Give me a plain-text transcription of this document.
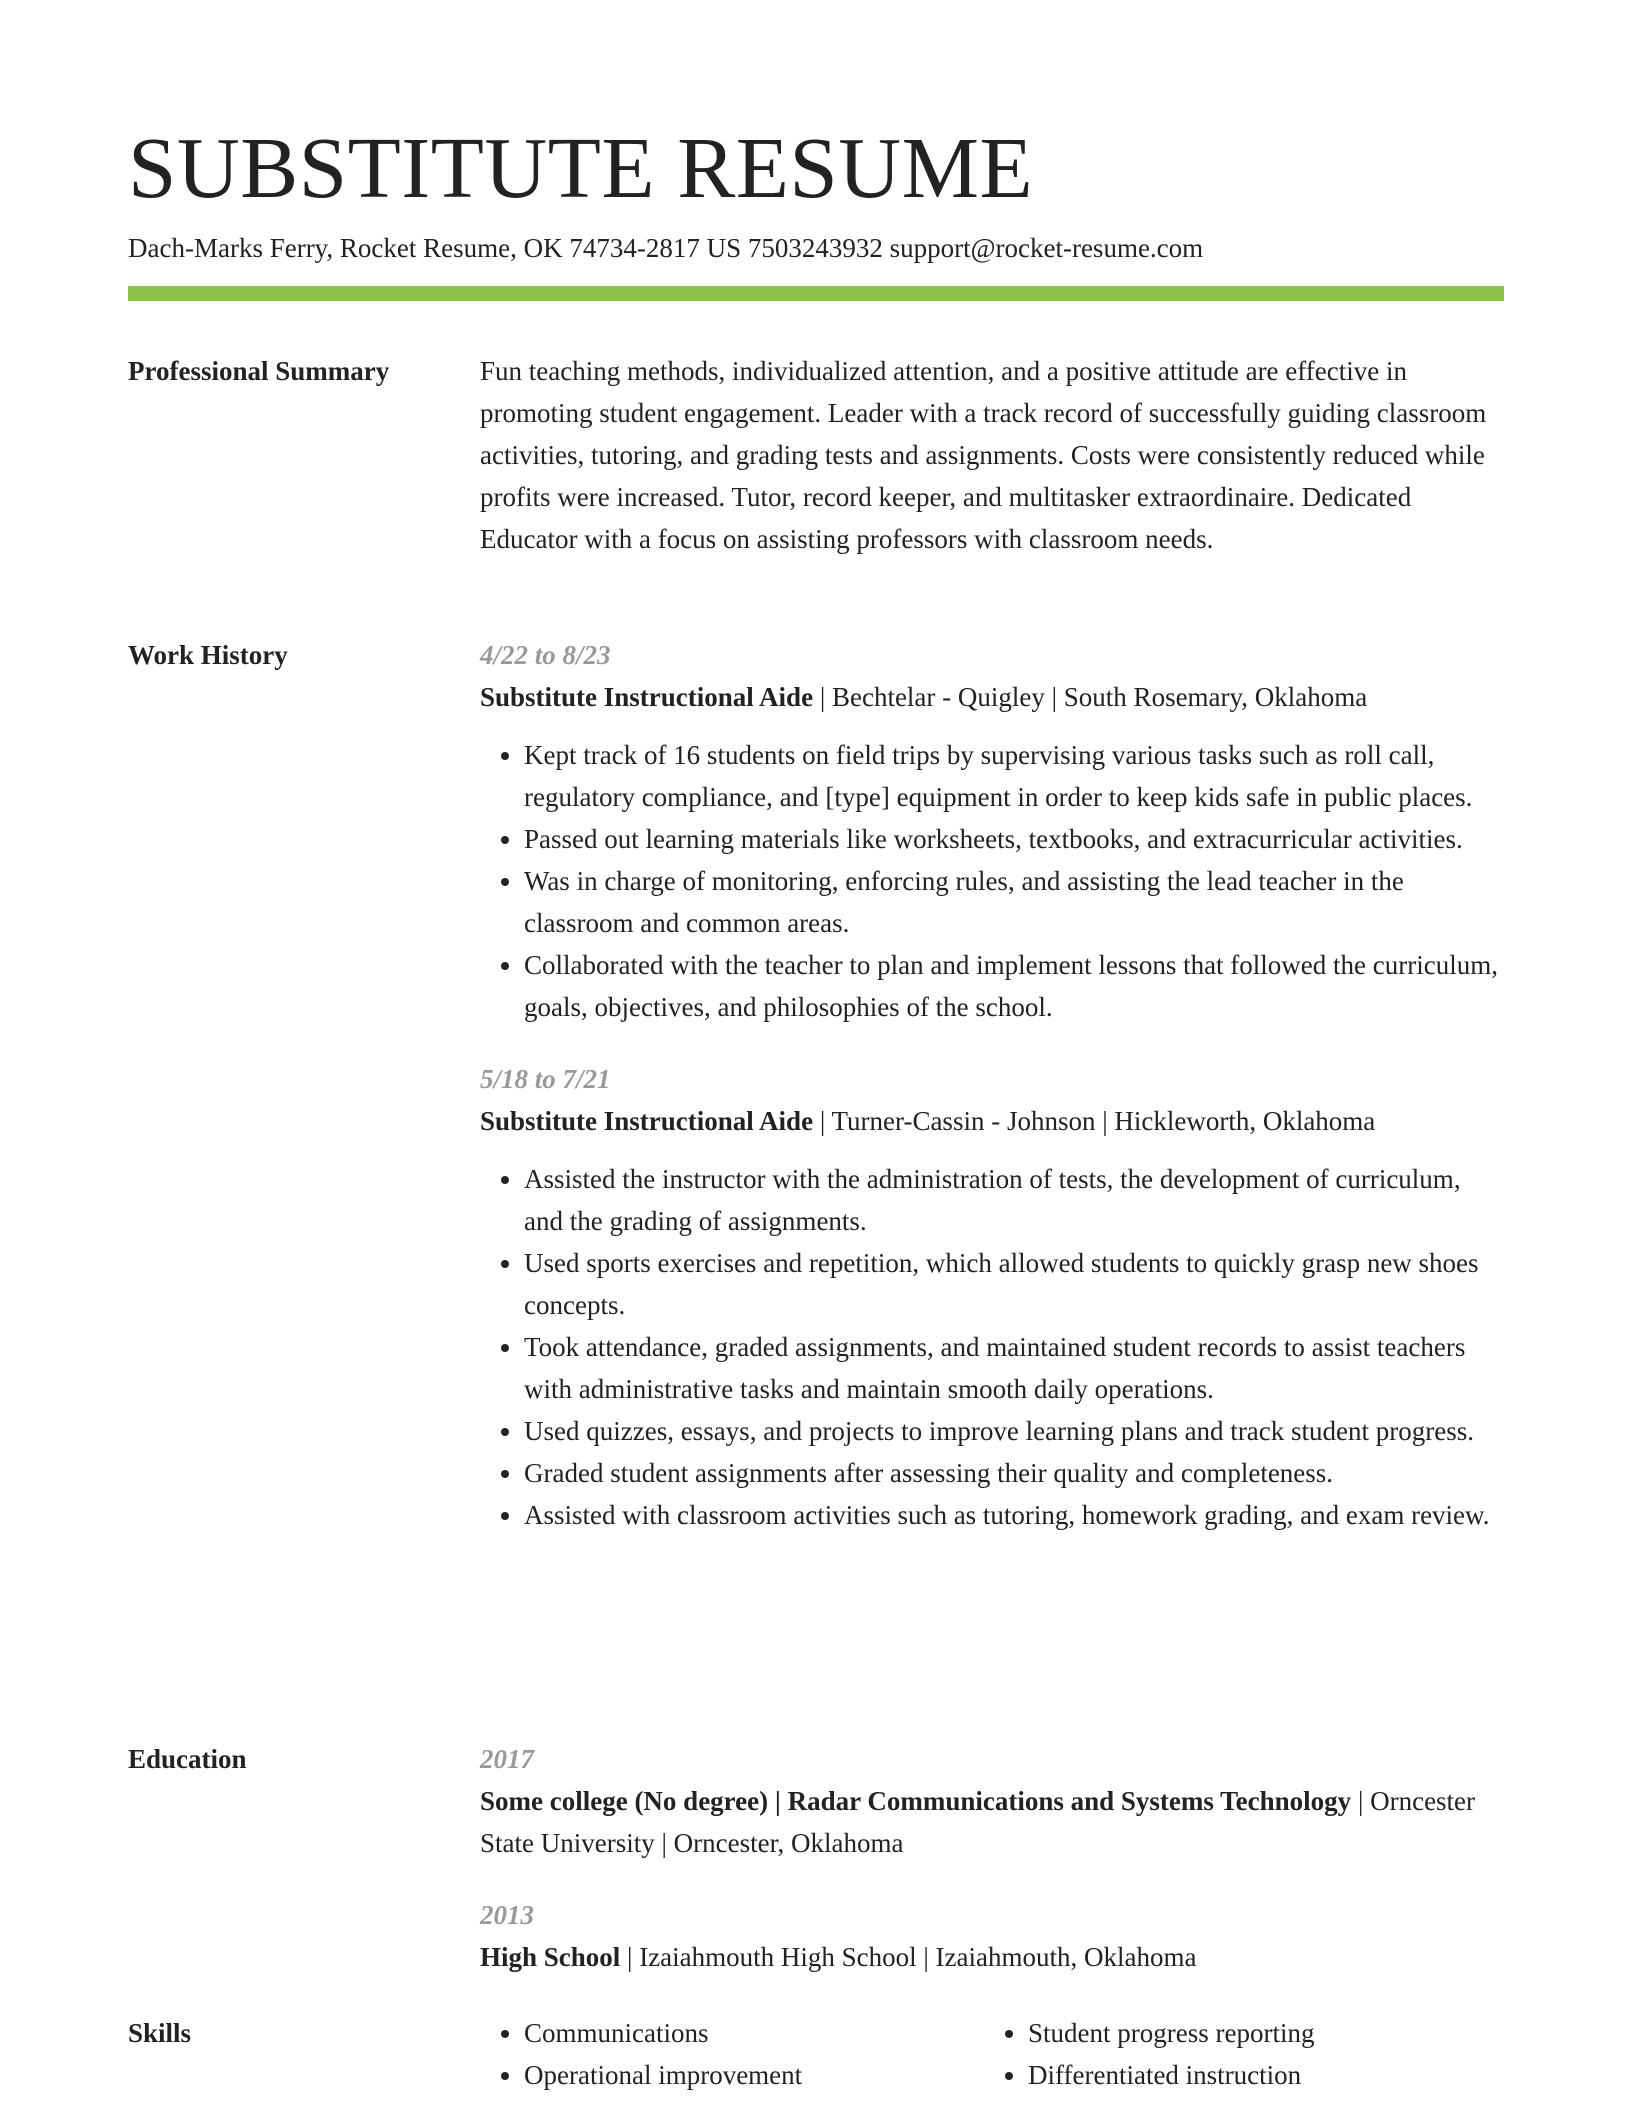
SUBSTITUTE RESUME
Dach-Marks Ferry, Rocket Resume, OK 74734-2817 US 7503243932 support@rocket-resume.com
Professional Summary	Fun teaching methods, individualized attention, and a positive attitude are effective in promoting student engagement. Leader with a track record of successfully guiding classroom activities, tutoring, and grading tests and assignments. Costs were consistently reduced while profits were increased. Tutor, record keeper, and multitasker extraordinaire. Dedicated Educator with a focus on assisting professors with classroom needs.

Work History	4/22 to 8/23

Substitute Instructional Aide | Bechtelar - Quigley | South Rosemary, Oklahoma

• Kept track of 16 students on field trips by supervising various tasks such as roll call, regulatory compliance, and [type] equipment in order to keep kids safe in public places.
• Passed out learning materials like worksheets, textbooks, and extracurricular activities.
• Was in charge of monitoring, enforcing rules, and assisting the lead teacher in the classroom and common areas.
• Collaborated with the teacher to plan and implement lessons that followed the curriculum, goals, objectives, and philosophies of the school.

5/18 to 7/21

Substitute Instructional Aide | Turner-Cassin - Johnson | Hickleworth, Oklahoma

• Assisted the instructor with the administration of tests, the development of curriculum, and the grading of assignments.
• Used sports exercises and repetition, which allowed students to quickly grasp new shoes concepts.
• Took attendance, graded assignments, and maintained student records to assist teachers with administrative tasks and maintain smooth daily operations.
• Used quizzes, essays, and projects to improve learning plans and track student progress.
• Graded student assignments after assessing their quality and completeness.
• Assisted with classroom activities such as tutoring, homework grading, and exam review.
Education	2017

Some college (No degree) | Radar Communications and Systems Technology | Orncester State University | Orncester, Oklahoma

2013

High School | Izaiahmouth High School | Izaiahmouth, Oklahoma

Skills
•	Communications
• Operational improvement
• Student progress reporting
• Differentiated instruction
